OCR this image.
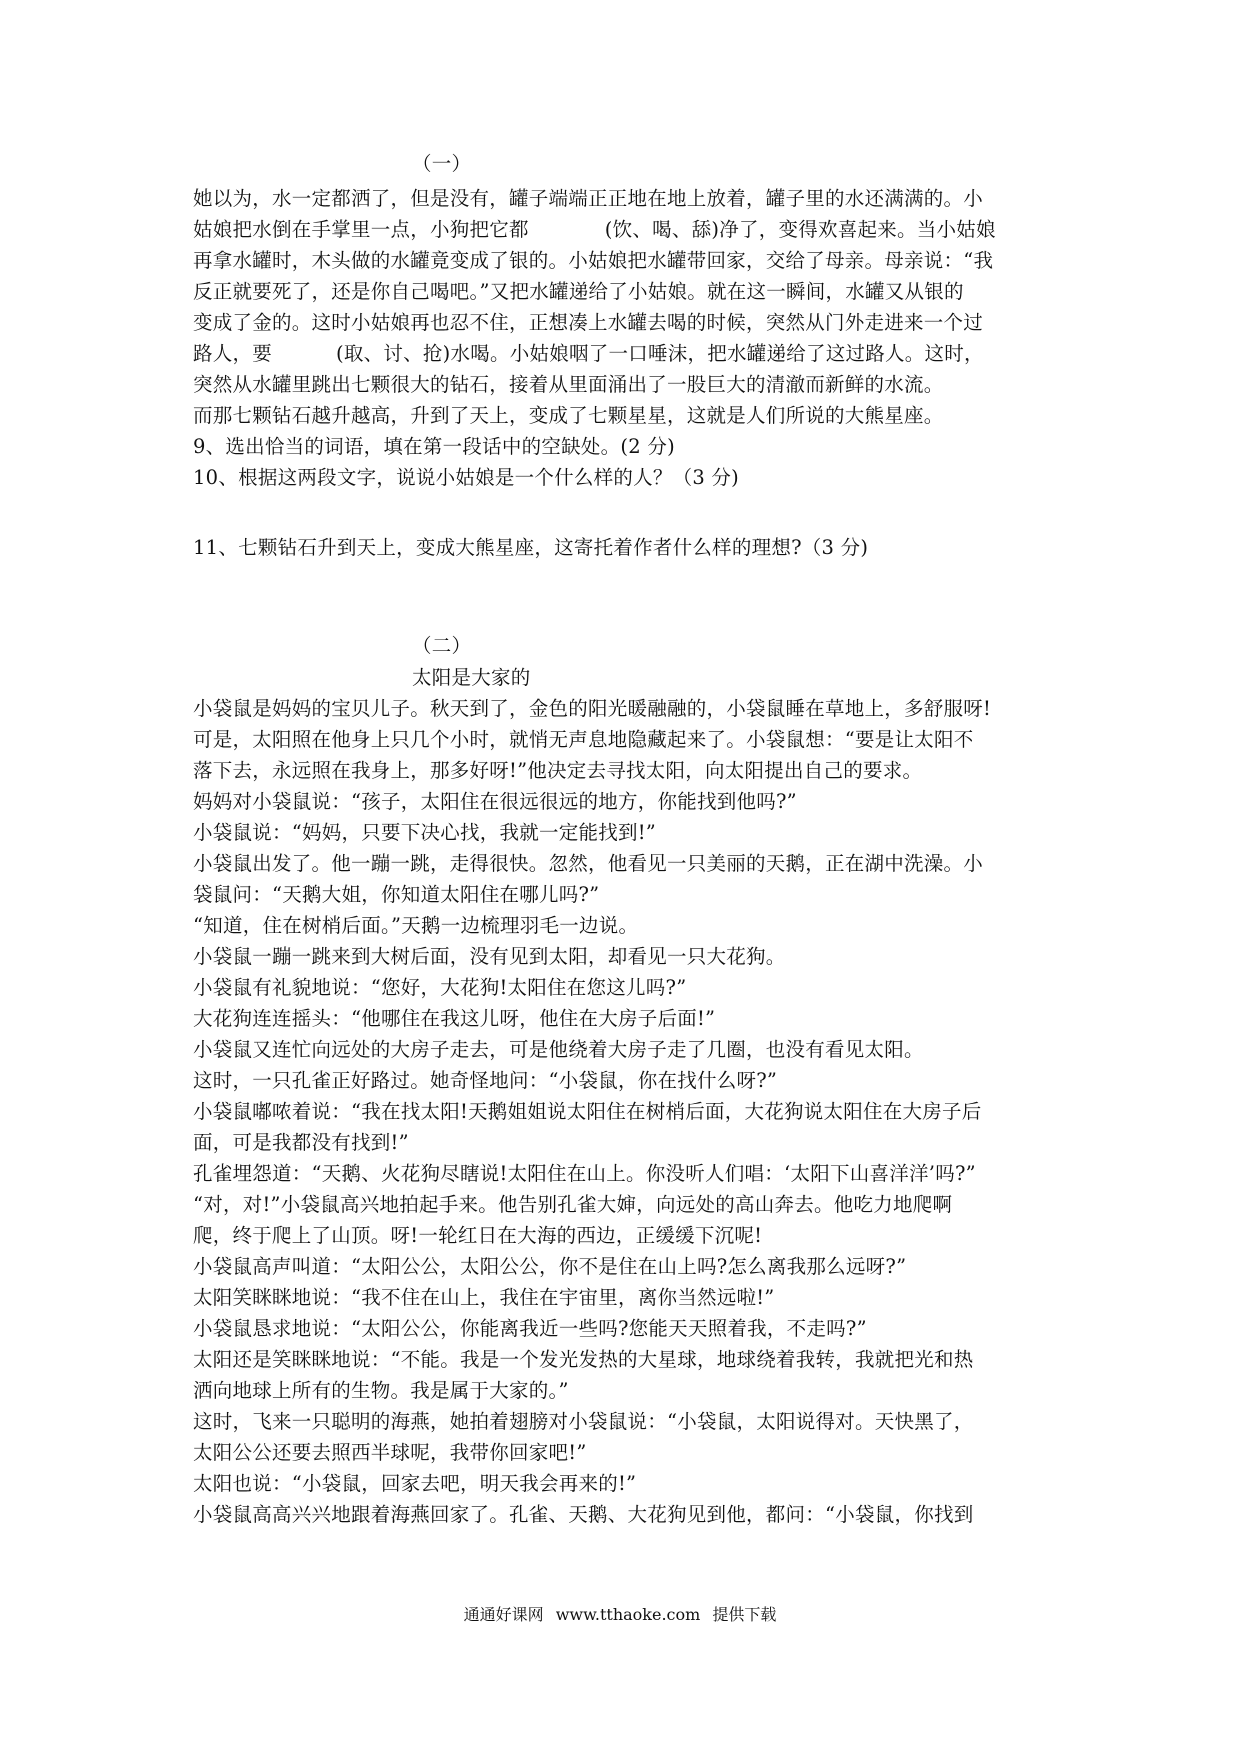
（一）
她以为，水一定都洒了，但是没有，罐子端端正正地在地上放着，罐子里的水还满满的。小
姑娘把水倒在手掌里一点，小狗把它都	(饮、喝、舔)净了，变得欢喜起来。当小姑娘
再拿水罐时，木头做的水罐竟变成了银的。小姑娘把水罐带回家，交给了母亲。母亲说：“我
反正就要死了，还是你自己喝吧。”又把水罐递给了小姑娘。就在这一瞬间，水罐又从银的
变成了金的。这时小姑娘再也忍不住，正想凑上水罐去喝的时候，突然从门外走进来一个过
路人，要	(取、讨、抢)水喝。小姑娘咽了一口唾沫，把水罐递给了这过路人。这时，
突然从水罐里跳出七颗很大的钻石，接着从里面涌出了一股巨大的清澈而新鲜的水流。
而那七颗钻石越升越高，升到了天上，变成了七颗星星，这就是人们所说的大熊星座。
9、选出恰当的词语，填在第一段话中的空缺处。(2 分)
10、根据这两段文字，说说小姑娘是一个什么样的人？（3 分)
11、七颗钻石升到天上，变成大熊星座，这寄托着作者什么样的理想?（3 分)
（二）
太阳是大家的
小袋鼠是妈妈的宝贝儿子。秋天到了，金色的阳光暖融融的，小袋鼠睡在草地上，多舒服呀!
可是，太阳照在他身上只几个小时，就悄无声息地隐藏起来了。小袋鼠想：“要是让太阳不
落下去，永远照在我身上，那多好呀!”他决定去寻找太阳，向太阳提出自己的要求。
妈妈对小袋鼠说：“孩子，太阳住在很远很远的地方，你能找到他吗?”
小袋鼠说：“妈妈，只要下决心找，我就一定能找到!”
小袋鼠出发了。他一蹦一跳，走得很快。忽然，他看见一只美丽的天鹅，正在湖中洗澡。小
袋鼠问：“天鹅大姐，你知道太阳住在哪儿吗?”
“知道，住在树梢后面。”天鹅一边梳理羽毛一边说。
小袋鼠一蹦一跳来到大树后面，没有见到太阳，却看见一只大花狗。
小袋鼠有礼貌地说：“您好，大花狗!太阳住在您这儿吗?”
大花狗连连摇头：“他哪住在我这儿呀，他住在大房子后面!”
小袋鼠又连忙向远处的大房子走去，可是他绕着大房子走了几圈，也没有看见太阳。
这时，一只孔雀正好路过。她奇怪地问：“小袋鼠，你在找什么呀?”
小袋鼠嘟哝着说：“我在找太阳!天鹅姐姐说太阳住在树梢后面，大花狗说太阳住在大房子后
面，可是我都没有找到!”
孔雀埋怨道：“天鹅、火花狗尽瞎说!太阳住在山上。你没听人们唱：‘太阳下山喜洋洋’吗?”
“对，对!”小袋鼠高兴地拍起手来。他告别孔雀大婶，向远处的高山奔去。他吃力地爬啊
爬，终于爬上了山顶。呀!一轮红日在大海的西边，正缓缓下沉呢!
小袋鼠高声叫道：“太阳公公，太阳公公，你不是住在山上吗?怎么离我那么远呀?”
太阳笑眯眯地说：“我不住在山上，我住在宇宙里，离你当然远啦!”
小袋鼠恳求地说：“太阳公公，你能离我近一些吗?您能天天照着我，不走吗?”
太阳还是笑眯眯地说：“不能。我是一个发光发热的大星球，地球绕着我转，我就把光和热
洒向地球上所有的生物。我是属于大家的。”
这时，飞来一只聪明的海燕，她拍着翅膀对小袋鼠说：“小袋鼠，太阳说得对。天快黑了，
太阳公公还要去照西半球呢，我带你回家吧!”
太阳也说：“小袋鼠，回家去吧，明天我会再来的!”
小袋鼠高高兴兴地跟着海燕回家了。孔雀、天鹅、大花狗见到他，都问：“小袋鼠，你找到
通通好课网 www.tthaoke.com 提供下载
